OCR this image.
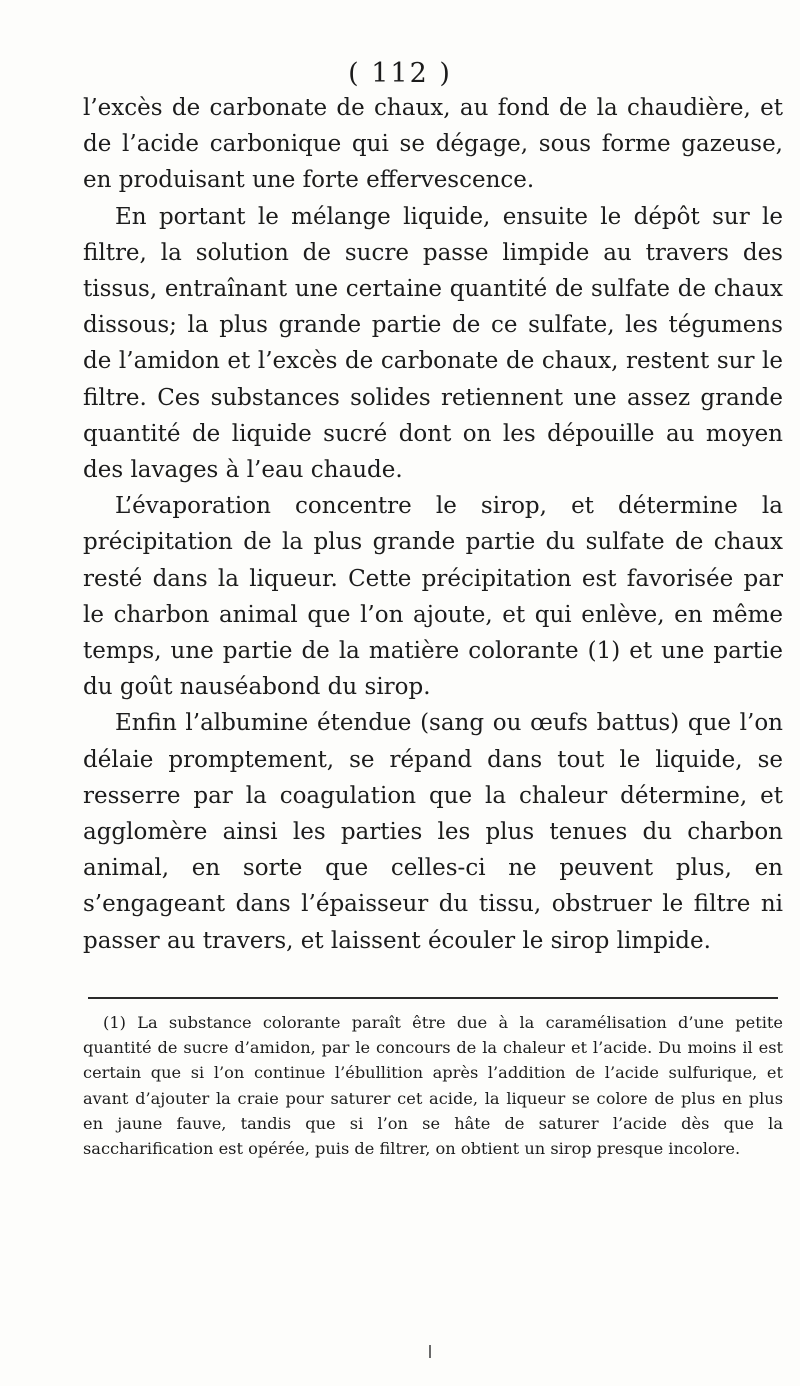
( 112 )

l’excès de carbonate de chaux, au fond de la chaudière, et de l’acide carbonique qui se dégage, sous forme gazeuse, en produisant une forte effervescence.

En portant le mélange liquide, ensuite le dépôt sur le filtre, la solution de sucre passe limpide au travers des tissus, entraînant une certaine quantité de sulfate de chaux dissous; la plus grande partie de ce sulfate, les tégumens de l’amidon et l’excès de carbonate de chaux, restent sur le filtre. Ces substances solides retiennent une assez grande quantité de liquide sucré dont on les dépouille au moyen des lavages à l’eau chaude.

L’évaporation concentre le sirop, et détermine la précipitation de la plus grande partie du sulfate de chaux resté dans la liqueur. Cette précipitation est favorisée par le charbon animal que l’on ajoute, et qui enlève, en même temps, une partie de la matière colorante (1) et une partie du goût nauséabond du sirop.

Enfin l’albumine étendue (sang ou œufs battus) que l’on délaie promptement, se répand dans tout le liquide, se resserre par la coagulation que la chaleur détermine, et agglomère ainsi les parties les plus tenues du charbon animal, en sorte que celles-ci ne peuvent plus, en s’engageant dans l’épaisseur du tissu, obstruer le filtre ni passer au travers, et laissent écouler le sirop limpide.

(1) La substance colorante paraît être due à la caramélisation d’une petite quantité de sucre d’amidon, par le concours de la chaleur et l’acide. Du moins il est certain que si l’on continue l’ébullition après l’addition de l’acide sulfurique, et avant d’ajouter la craie pour saturer cet acide, la liqueur se colore de plus en plus en jaune fauve, tandis que si l’on se hâte de saturer l’acide dès que la saccharification est opérée, puis de filtrer, on obtient un sirop presque incolore.
